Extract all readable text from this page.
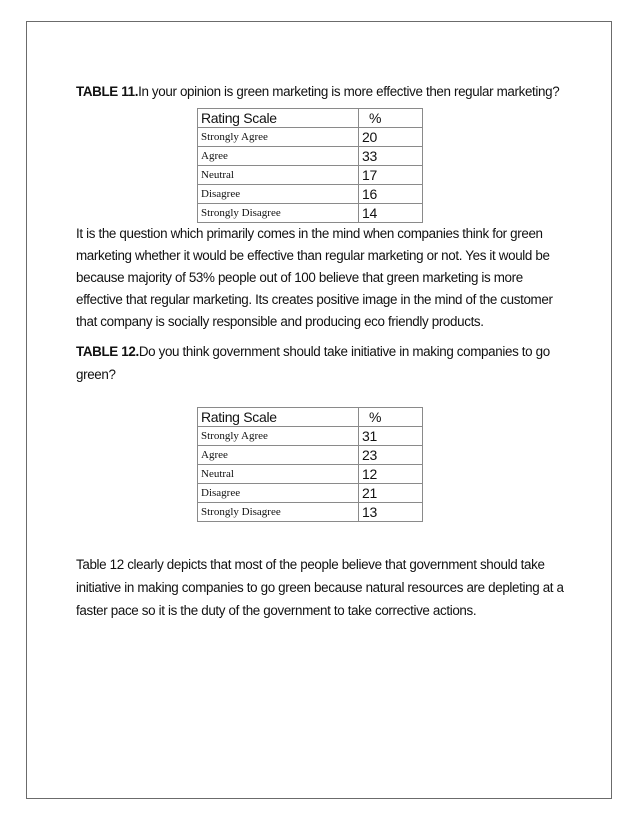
TABLE 11.In your opinion is green marketing is more effective then regular marketing?

Rating Scale	%
Strongly Agree	20
Agree	33
Neutral	17
Disagree	16
Strongly Disagree	14

It is the question which primarily comes in the mind when companies think for green marketing whether it would be effective than regular marketing or not. Yes it would be because majority of 53% people out of 100 believe that green marketing is more effective that regular marketing. Its creates positive image in the mind of the customer that company is socially responsible and producing eco friendly products.

TABLE 12.Do you think government should take initiative in making companies to go green?

Rating Scale	%
Strongly Agree	31
Agree	23
Neutral	12
Disagree	21
Strongly Disagree	13

Table 12 clearly depicts that most of the people believe that government should take initiative in making companies to go green because natural resources are depleting at a faster pace so it is the duty of the government to take corrective actions.
